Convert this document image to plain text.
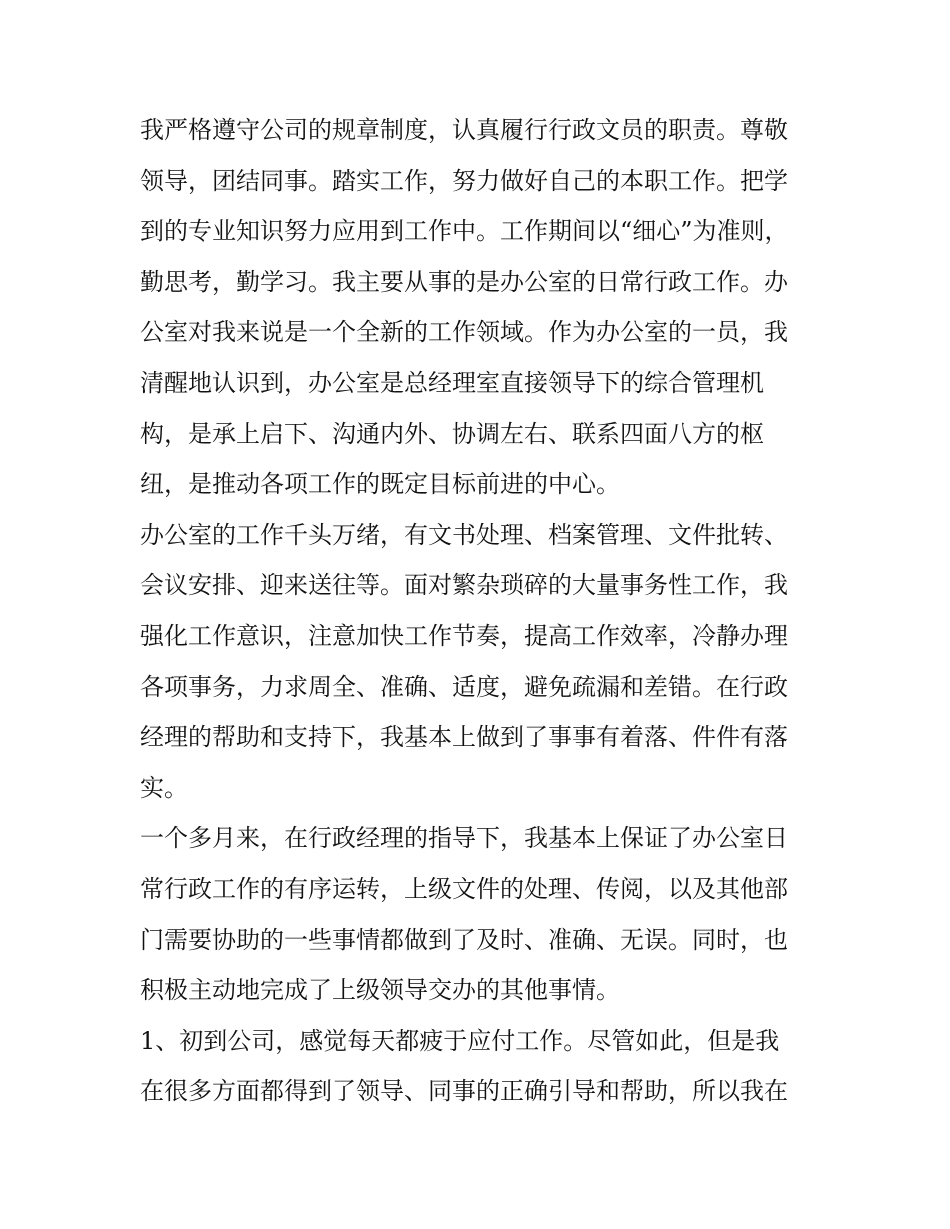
我严格遵守公司的规章制度，认真履行行政文员的职责。尊敬
领导，团结同事。踏实工作，努力做好自己的本职工作。把学
到的专业知识努力应用到工作中。工作期间以“细心”为准则，
勤思考，勤学习。我主要从事的是办公室的日常行政工作。办
公室对我来说是一个全新的工作领域。作为办公室的一员，我
清醒地认识到，办公室是总经理室直接领导下的综合管理机
构，是承上启下、沟通内外、协调左右、联系四面八方的枢
纽，是推动各项工作的既定目标前进的中心。
办公室的工作千头万绪，有文书处理、档案管理、文件批转、
会议安排、迎来送往等。面对繁杂琐碎的大量事务性工作，我
强化工作意识，注意加快工作节奏，提高工作效率，冷静办理
各项事务，力求周全、准确、适度，避免疏漏和差错。在行政
经理的帮助和支持下，我基本上做到了事事有着落、件件有落
实。
一个多月来，在行政经理的指导下，我基本上保证了办公室日
常行政工作的有序运转，上级文件的处理、传阅，以及其他部
门需要协助的一些事情都做到了及时、准确、无误。同时，也
积极主动地完成了上级领导交办的其他事情。
1、初到公司，感觉每天都疲于应付工作。尽管如此，但是我
在很多方面都得到了领导、同事的正确引导和帮助，所以我在
